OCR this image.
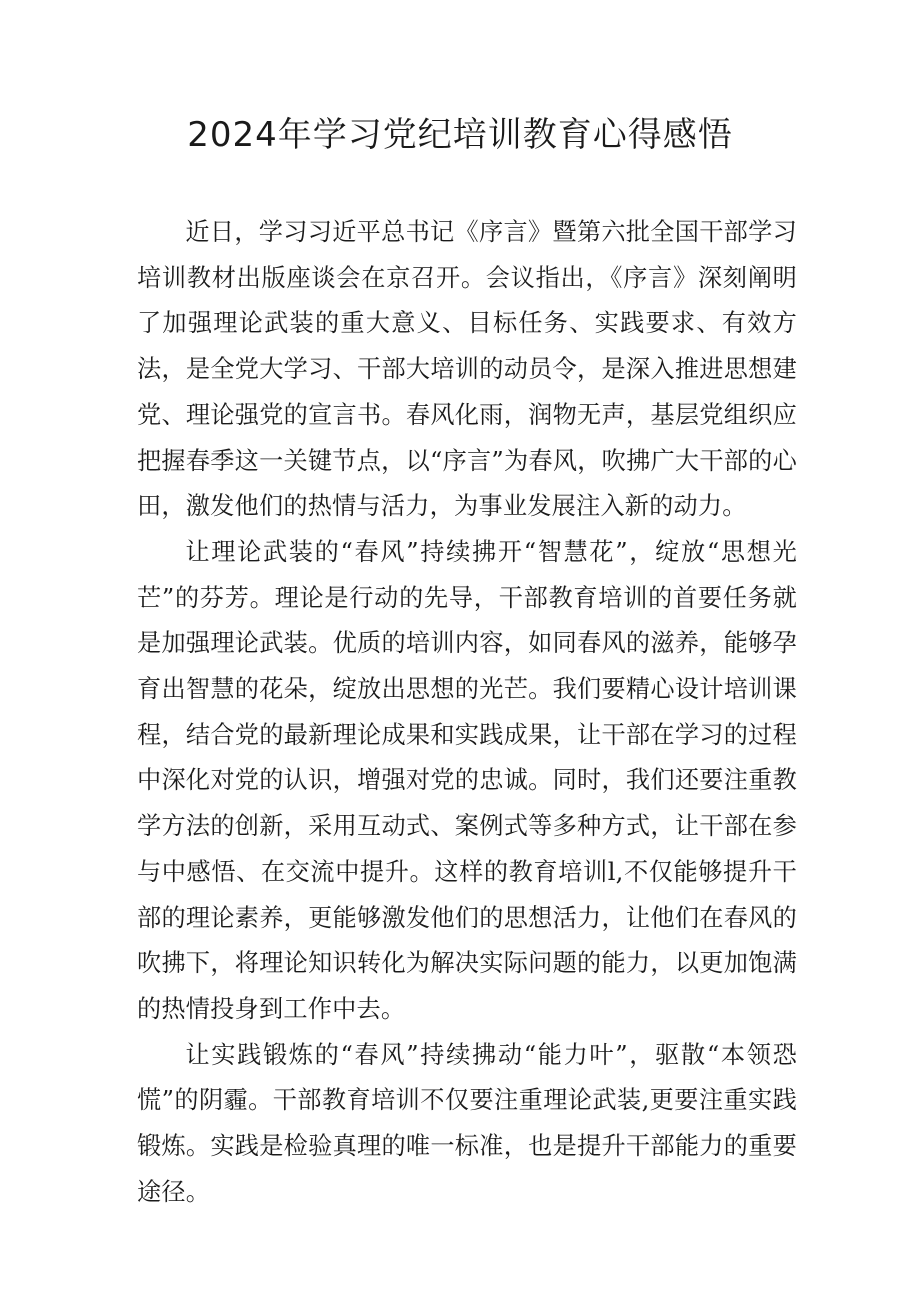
2024年学习党纪培训教育心得感悟

近日，学习习近平总书记《序言》暨第六批全国干部学习培训教材出版座谈会在京召开。会议指出，《序言》深刻阐明了加强理论武装的重大意义、目标任务、实践要求、有效方法，是全党大学习、干部大培训的动员令，是深入推进思想建党、理论强党的宣言书。春风化雨，润物无声，基层党组织应把握春季这一关键节点，以“序言”为春风，吹拂广大干部的心田，激发他们的热情与活力，为事业发展注入新的动力。

让理论武装的“春风”持续拂开“智慧花”，绽放“思想光芒”的芬芳。理论是行动的先导，干部教育培训的首要任务就是加强理论武装。优质的培训内容，如同春风的滋养，能够孕育出智慧的花朵，绽放出思想的光芒。我们要精心设计培训课程，结合党的最新理论成果和实践成果，让干部在学习的过程中深化对党的认识，增强对党的忠诚。同时，我们还要注重教学方法的创新，采用互动式、案例式等多种方式，让干部在参与中感悟、在交流中提升。这样的教育培训l,不仅能够提升干部的理论素养，更能够激发他们的思想活力，让他们在春风的吹拂下，将理论知识转化为解决实际问题的能力，以更加饱满的热情投身到工作中去。

让实践锻炼的“春风”持续拂动“能力叶”，驱散“本领恐慌”的阴霾。干部教育培训不仅要注重理论武装,更要注重实践锻炼。实践是检验真理的唯一标准，也是提升干部能力的重要途径。
